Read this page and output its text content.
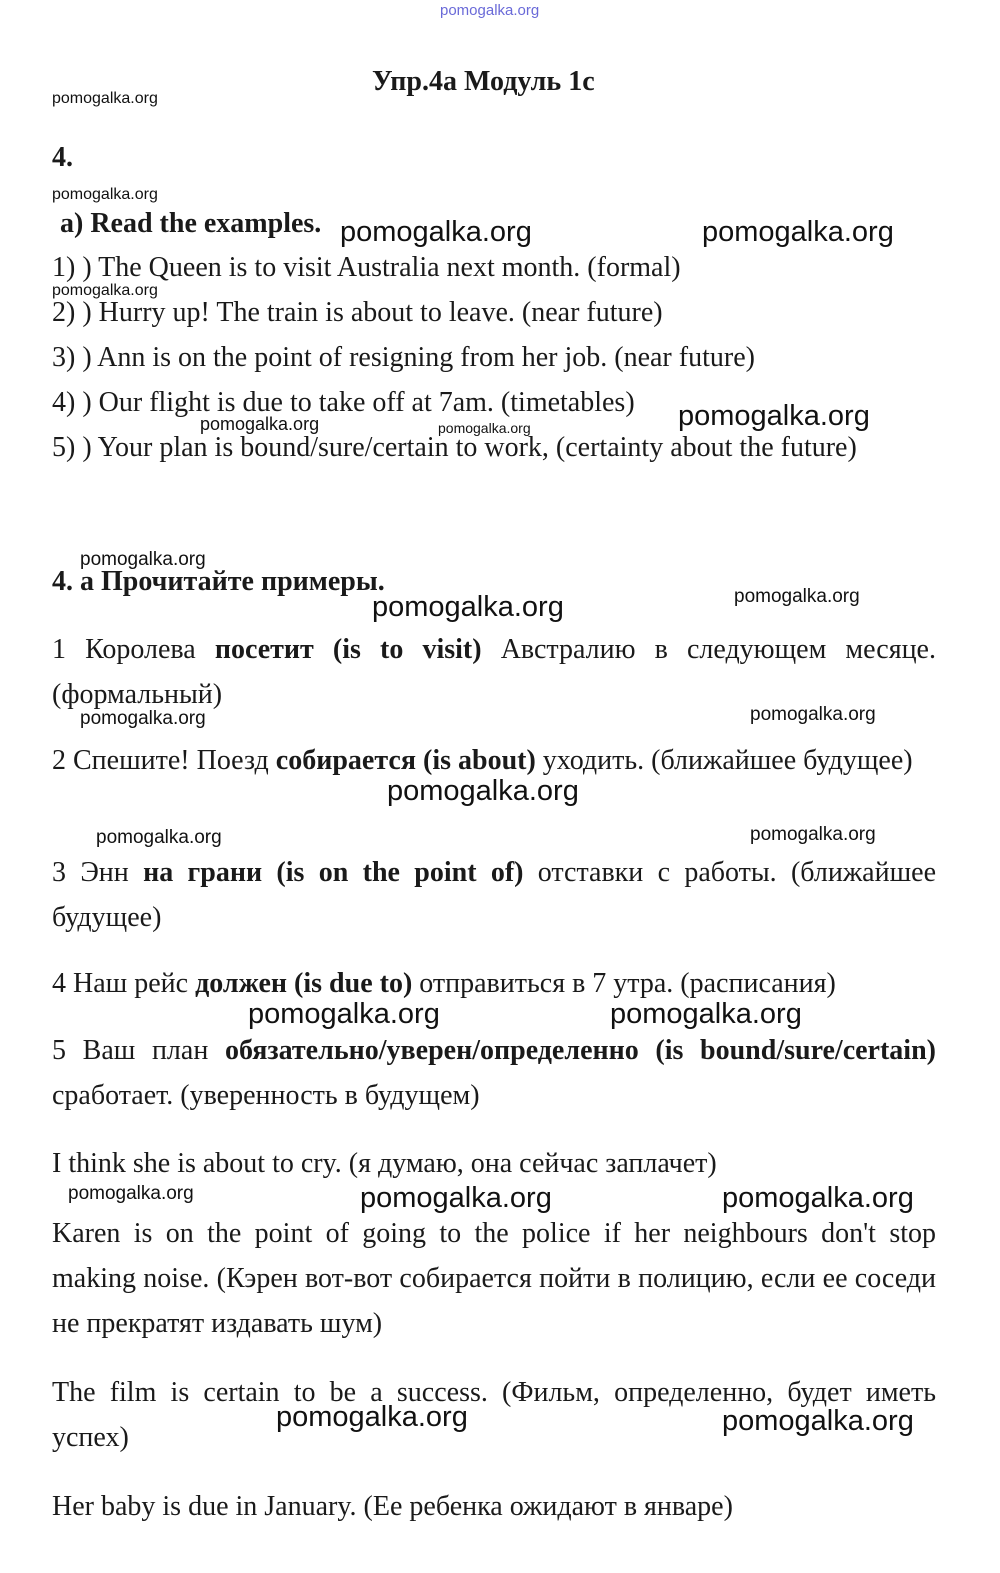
pomogalka.org
pomogalka.org
pomogalka.org
pomogalka.org	pomogalka.org
pomogalka.org
pomogalka.org
pomogalka.org	pomogalka.org
pomogalka.org
pomogalka.org	pomogalka.org
pomogalka.org	pomogalka.org
pomogalka.org
pomogalka.org	pomogalka.org
pomogalka.org	pomogalka.org
pomogalka.org	pomogalka.org	pomogalka.org
pomogalka.org	pomogalka.org
Упр.4а Модуль 1с
4.
a) Read the examples.
1) ) The Queen is to visit Australia next month. (formal)
2) ) Hurry up! The train is about to leave. (near future)
3) ) Ann is on the point of resigning from her job. (near future)
4) ) Our flight is due to take off at 7am. (timetables)
5) ) Your plan is bound/sure/certain to work, (certainty about the future)
4. а Прочитайте примеры.
1 Королева посетит (is to visit) Австралию в следующем месяце. (формальный)
2 Спешите! Поезд собирается (is about) уходить. (ближайшее будущее)
3 Энн на грани (is on the point of) отставки с работы. (ближайшее будущее)
4 Наш рейс должен (is due to) отправиться в 7 утра. (расписания)
5 Ваш план обязательно/уверен/определенно (is bound/sure/certain) сработает. (уверенность в будущем)
I think she is about to cry. (я думаю, она сейчас заплачет)
Karen is on the point of going to the police if her neighbours don't stop making noise. (Кэрен вот-вот собирается пойти в полицию, если ее соседи не прекратят издавать шум)
The film is certain to be a success. (Фильм, определенно, будет иметь успех)
Her baby is due in January. (Ее ребенка ожидают в январе)
